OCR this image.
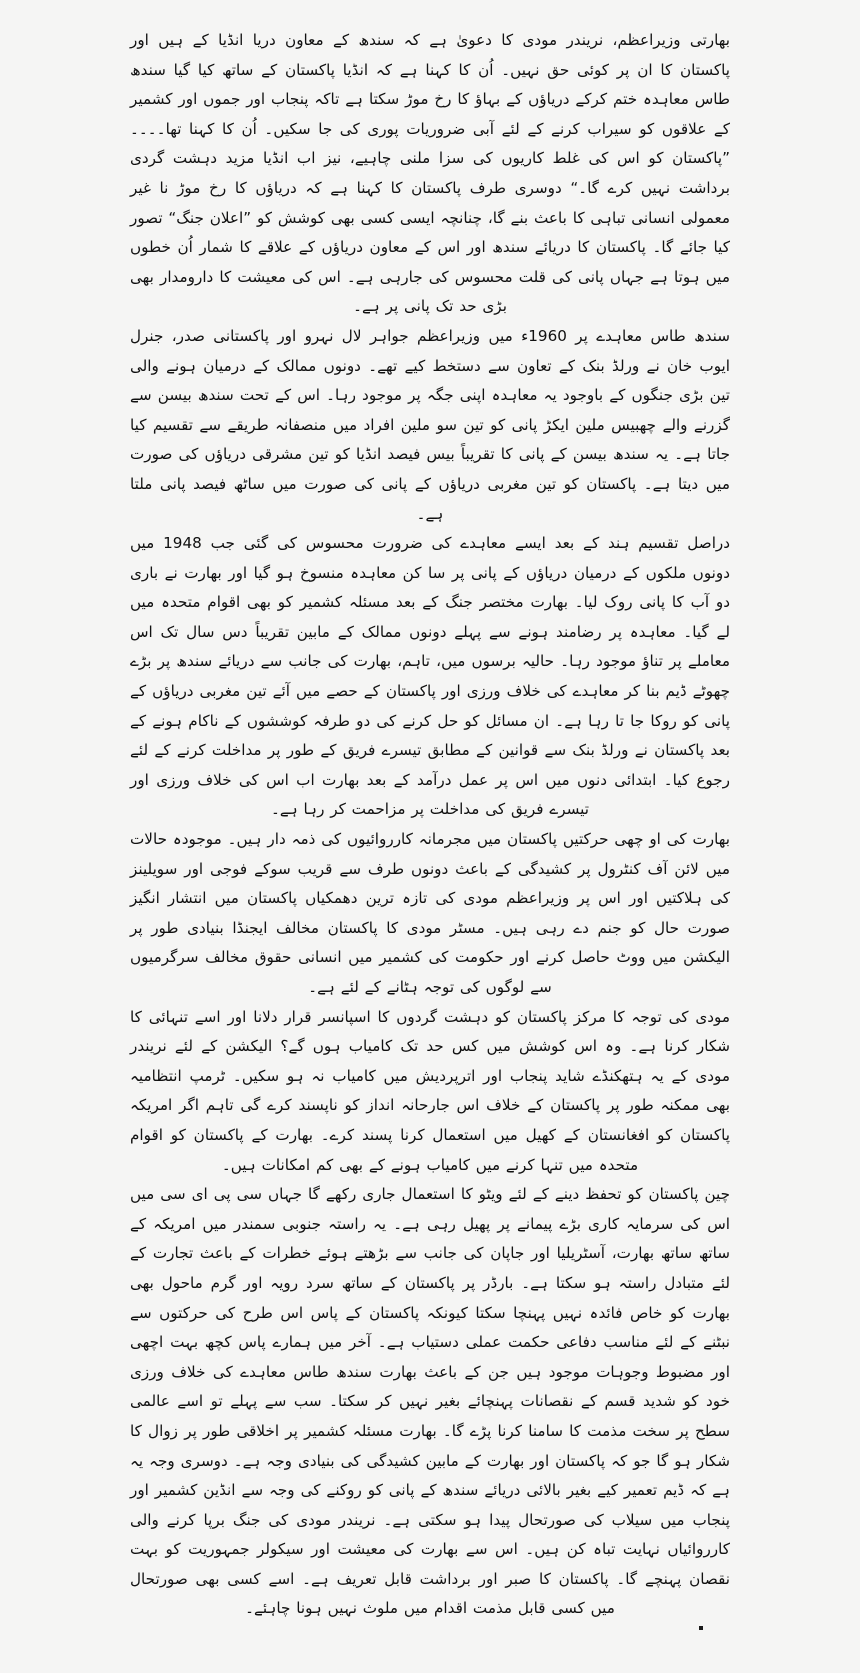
بھارتی وزیراعظم، نریندر مودی کا دعویٰ ہے کہ سندھ کے معاون دریا انڈیا کے ہیں اور پاکستان کا ان پر کوئی حق نہیں۔ اُن کا کہنا ہے کہ انڈیا پاکستان کے ساتھ کیا گیا سندھ طاس معاہدہ ختم کرکے دریاؤں کے بہاؤ کا رخ موڑ سکتا ہے تاکہ پنجاب اور جموں اور کشمیر کے علاقوں کو سیراب کرنے کے لئے آبی ضروریات پوری کی جا سکیں۔ اُن کا کہنا تھا۔۔۔۔ ”پاکستان کو اس کی غلط کاریوں کی سزا ملنی چاہیے، نیز اب انڈیا مزید دہشت گردی برداشت نہیں کرے گا۔“ دوسری طرف پاکستان کا کہنا ہے کہ دریاؤں کا رخ موڑ نا غیر معمولی انسانی تباہی کا باعث بنے گا، چنانچہ ایسی کسی بھی کوشش کو ”اعلان جنگ“ تصور کیا جائے گا۔ پاکستان کا دریائے سندھ اور اس کے معاون دریاؤں کے علاقے کا شمار اُن خطوں میں ہوتا ہے جہاں پانی کی قلت محسوس کی جارہی ہے۔ اس کی معیشت کا دارومدار بھی بڑی حد تک پانی پر ہے۔

سندھ طاس معاہدے پر 1960ء میں وزیراعظم جواہر لال نہرو اور پاکستانی صدر، جنرل ایوب خان نے ورلڈ بنک کے تعاون سے دستخط کیے تھے۔ دونوں ممالک کے درمیان ہونے والی تین بڑی جنگوں کے باوجود یہ معاہدہ اپنی جگہ پر موجود رہا۔ اس کے تحت سندھ بیسن سے گزرنے والے چھبیس ملین ایکڑ پانی کو تین سو ملین افراد میں منصفانہ طریقے سے تقسیم کیا جاتا ہے۔ یہ سندھ بیسن کے پانی کا تقریباً بیس فیصد انڈیا کو تین مشرقی دریاؤں کی صورت میں دیتا ہے۔ پاکستان کو تین مغربی دریاؤں کے پانی کی صورت میں ساٹھ فیصد پانی ملتا ہے۔

دراصل تقسیم ہند کے بعد ایسے معاہدے کی ضرورت محسوس کی گئی جب 1948 میں دونوں ملکوں کے درمیان دریاؤں کے پانی پر سا کن معاہدہ منسوخ ہو گیا اور بھارت نے باری دو آب کا پانی روک لیا۔ بھارت مختصر جنگ کے بعد مسئلہ کشمیر کو بھی اقوام متحدہ میں لے گیا۔ معاہدہ پر رضامند ہونے سے پہلے دونوں ممالک کے مابین تقریباً دس سال تک اس معاملے پر تناؤ موجود رہا۔ حالیہ برسوں میں، تاہم، بھارت کی جانب سے دریائے سندھ پر بڑے چھوٹے ڈیم بنا کر معاہدے کی خلاف ورزی اور پاکستان کے حصے میں آئے تین مغربی دریاؤں کے پانی کو روکا جا تا رہا ہے۔ ان مسائل کو حل کرنے کی دو طرفہ کوششوں کے ناکام ہونے کے بعد پاکستان نے ورلڈ بنک سے قوانین کے مطابق تیسرے فریق کے طور پر مداخلت کرنے کے لئے رجوع کیا۔ ابتدائی دنوں میں اس پر عمل درآمد کے بعد بھارت اب اس کی خلاف ورزی اور تیسرے فریق کی مداخلت پر مزاحمت کر رہا ہے۔

بھارت کی او چھی حرکتیں پاکستان میں مجرمانہ کارروائیوں کی ذمہ دار ہیں۔ موجودہ حالات میں لائن آف کنٹرول پر کشیدگی کے باعث دونوں طرف سے قریب سوکے فوجی اور سویلینز کی ہلاکتیں اور اس پر وزیراعظم مودی کی تازہ ترین دھمکیاں پاکستان میں انتشار انگیز صورت حال کو جنم دے رہی ہیں۔ مسٹر مودی کا پاکستان مخالف ایجنڈا بنیادی طور پر الیکشن میں ووٹ حاصل کرنے اور حکومت کی کشمیر میں انسانی حقوق مخالف سرگرمیوں سے لوگوں کی توجہ ہٹانے کے لئے ہے۔

مودی کی توجہ کا مرکز پاکستان کو دہشت گردوں کا اسپانسر قرار دلانا اور اسے تنہائی کا شکار کرنا ہے۔ وہ اس کوشش میں کس حد تک کامیاب ہوں گے؟ الیکشن کے لئے نریندر مودی کے یہ ہتھکنڈے شاید پنجاب اور اترپردیش میں کامیاب نہ ہو سکیں۔ ٹرمپ انتظامیہ بھی ممکنہ طور پر پاکستان کے خلاف اس جارحانہ انداز کو ناپسند کرے گی تاہم اگر امریکہ پاکستان کو افغانستان کے کھیل میں استعمال کرنا پسند کرے۔ بھارت کے پاکستان کو اقوام متحدہ میں تنہا کرنے میں کامیاب ہونے کے بھی کم امکانات ہیں۔

چین پاکستان کو تحفظ دینے کے لئے ویٹو کا استعمال جاری رکھے گا جہاں سی پی ای سی میں اس کی سرمایہ کاری بڑے پیمانے پر پھیل رہی ہے۔ یہ راستہ جنوبی سمندر میں امریکہ کے ساتھ ساتھ بھارت، آسٹریلیا اور جاپان کی جانب سے بڑھتے ہوئے خطرات کے باعث تجارت کے لئے متبادل راستہ ہو سکتا ہے۔ بارڈر پر پاکستان کے ساتھ سرد رویہ اور گرم ماحول بھی بھارت کو خاص فائدہ نہیں پہنچا سکتا کیونکہ پاکستان کے پاس اس طرح کی حرکتوں سے نبٹنے کے لئے مناسب دفاعی حکمت عملی دستیاب ہے۔ آخر میں ہمارے پاس کچھ بہت اچھی اور مضبوط وجوہات موجود ہیں جن کے باعث بھارت سندھ طاس معاہدے کی خلاف ورزی خود کو شدید قسم کے نقصانات پہنچائے بغیر نہیں کر سکتا۔ سب سے پہلے تو اسے عالمی سطح پر سخت مذمت کا سامنا کرنا پڑے گا۔ بھارت مسئلہ کشمیر پر اخلاقی طور پر زوال کا شکار ہو گا جو کہ پاکستان اور بھارت کے مابین کشیدگی کی بنیادی وجہ ہے۔ دوسری وجہ یہ ہے کہ ڈیم تعمیر کیے بغیر بالائی دریائے سندھ کے پانی کو روکنے کی وجہ سے انڈین کشمیر اور پنجاب میں سیلاب کی صورتحال پیدا ہو سکتی ہے۔ نریندر مودی کی جنگ برپا کرنے والی کارروائیاں نہایت تباہ کن ہیں۔ اس سے بھارت کی معیشت اور سیکولر جمہوریت کو بہت نقصان پہنچے گا۔ پاکستان کا صبر اور برداشت قابل تعریف ہے۔ اسے کسی بھی صورتحال میں کسی قابل مذمت اقدام میں ملوث نہیں ہونا چاہئے۔
